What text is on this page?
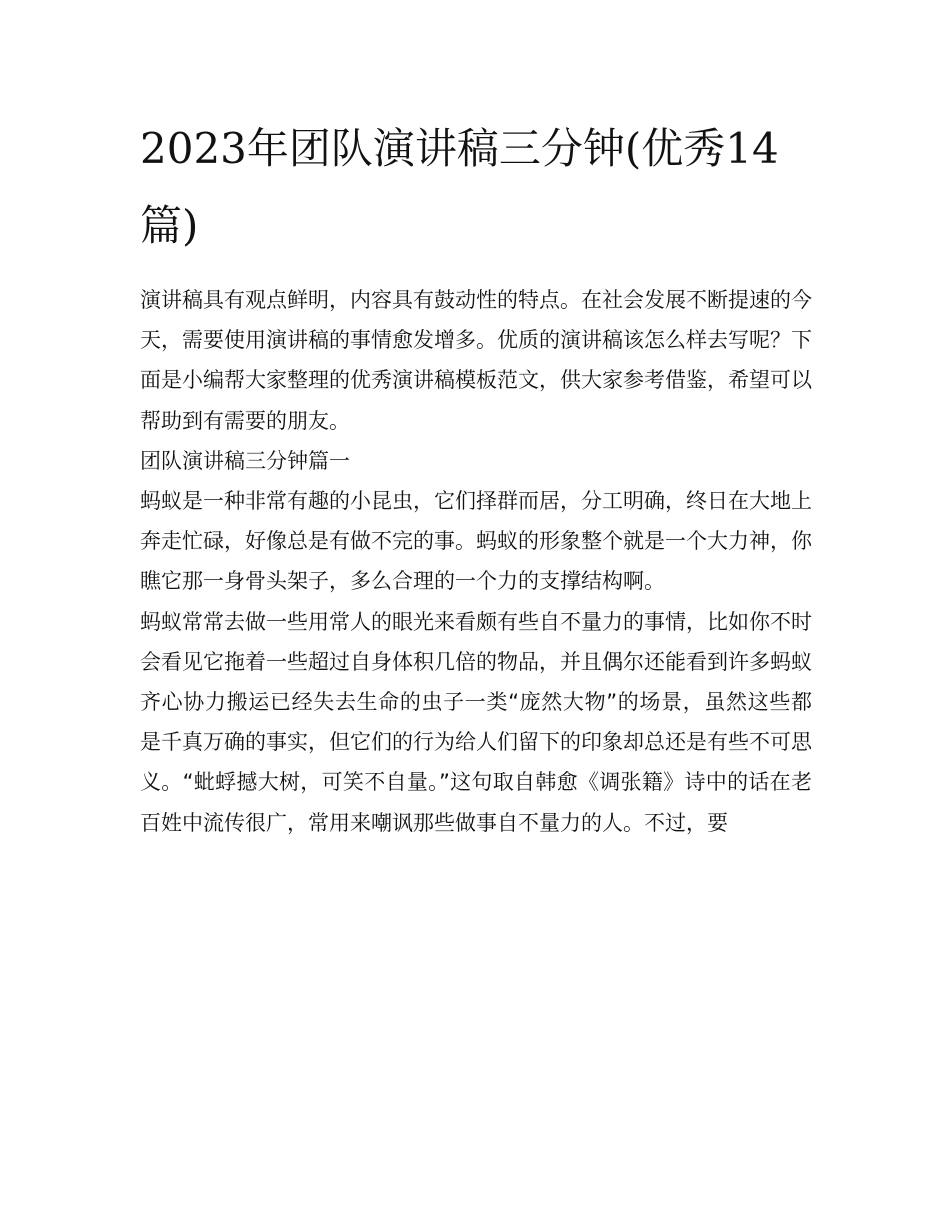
2023年团队演讲稿三分钟(优秀14篇)

演讲稿具有观点鲜明，内容具有鼓动性的特点。在社会发展不断提速的今天，需要使用演讲稿的事情愈发增多。优质的演讲稿该怎么样去写呢？下面是小编帮大家整理的优秀演讲稿模板范文，供大家参考借鉴，希望可以帮助到有需要的朋友。

团队演讲稿三分钟篇一

蚂蚁是一种非常有趣的小昆虫，它们择群而居，分工明确，终日在大地上奔走忙碌，好像总是有做不完的事。蚂蚁的形象整个就是一个大力神，你瞧它那一身骨头架子，多么合理的一个力的支撑结构啊。

蚂蚁常常去做一些用常人的眼光来看颇有些自不量力的事情，比如你不时会看见它拖着一些超过自身体积几倍的物品，并且偶尔还能看到许多蚂蚁齐心协力搬运已经失去生命的虫子一类“庞然大物”的场景，虽然这些都是千真万确的事实，但它们的行为给人们留下的印象却总还是有些不可思义。“蚍蜉撼大树，可笑不自量。”这句取自韩愈《调张籍》诗中的话在老百姓中流传很广，常用来嘲讽那些做事自不量力的人。不过，要
